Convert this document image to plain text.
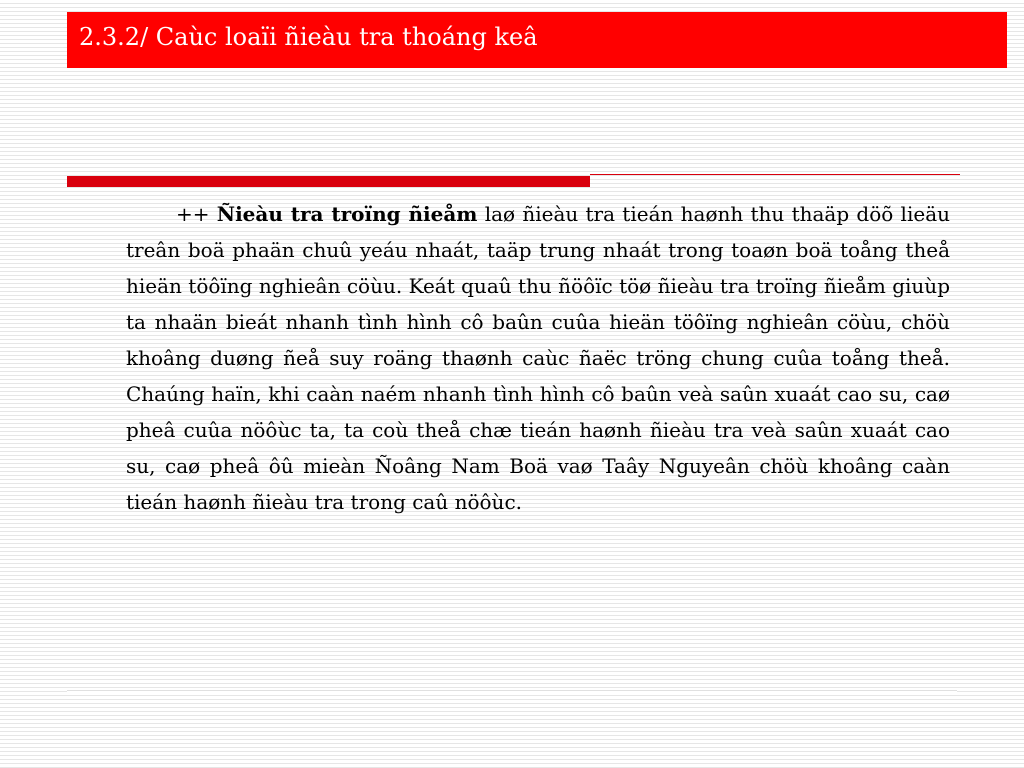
2.3.2/ Caùc loaïi ñieàu tra thoáng keâ

++ Ñieàu tra troïng ñieåm laø ñieàu tra tieán haønh thu thaäp döõ lieäu treân boä phaän chuû yeáu nhaát, taäp trung nhaát trong toaøn boä toång theå hieän töôïng nghieân cöùu. Keát quaû thu ñöôïc töø ñieàu tra troïng ñieåm giuùp ta nhaän bieát nhanh tình hình cô baûn cuûa hieän töôïng nghieân cöùu, chöù khoâng duøng ñeå suy roäng thaønh caùc ñaëc tröng chung cuûa toång theå. Chaúng haïn, khi caàn naém nhanh tình hình cô baûn veà saûn xuaát cao su, caø pheâ cuûa nöôùc ta, ta coù theå chæ tieán haønh ñieàu tra veà saûn xuaát cao su, caø pheâ ôû mieàn Ñoâng Nam Boä vaø Taây Nguyeân chöù khoâng caàn tieán haønh ñieàu tra trong caû nöôùc.
